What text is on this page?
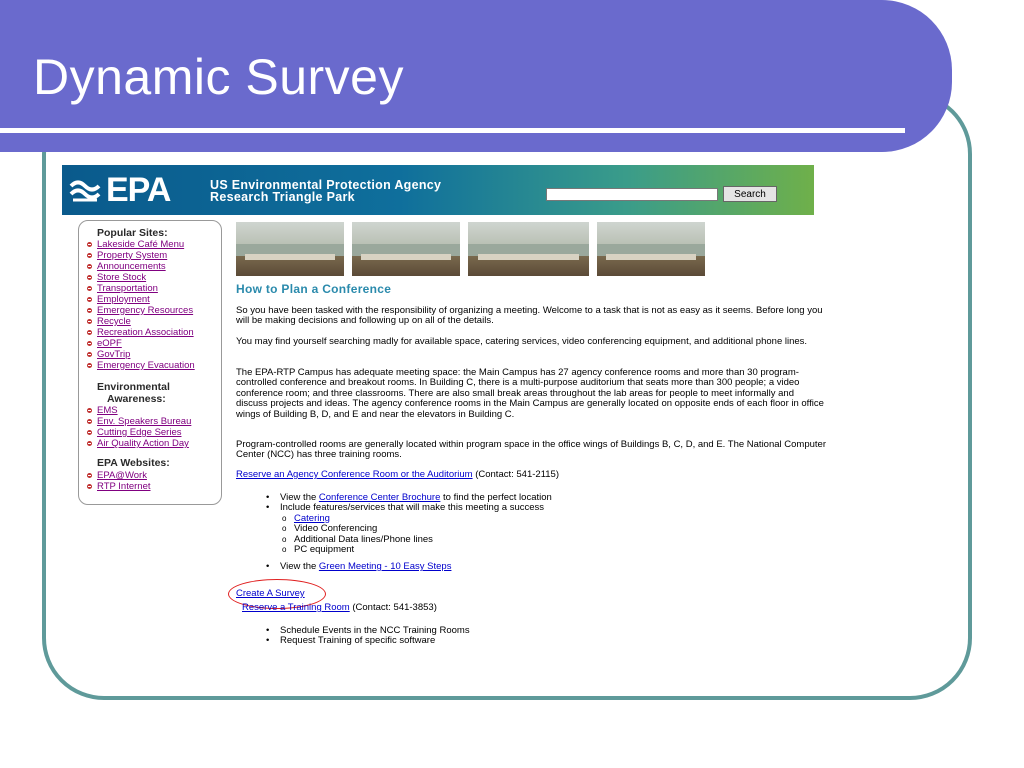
Dynamic Survey
EPA	US Environmental Protection Agency
Research Triangle Park	Search
Popular Sites:
Lakeside Café Menu
Property System
Announcements
Store Stock
Transportation
Employment
Emergency Resources
Recycle
Recreation Association
eOPF
GovTrip
Emergency Evacuation
Environmental
Awareness:
EMS
Env. Speakers Bureau
Cutting Edge Series
Air Quality Action Day
EPA Websites:
EPA@Work
RTP Internet
How to Plan a Conference
So you have been tasked with the responsibility of organizing a meeting. Welcome to a task that is not as easy as it seems. Before long you will be making decisions and following up on all of the details.
You may find yourself searching madly for available space, catering services, video conferencing equipment, and additional phone lines.
The EPA-RTP Campus has adequate meeting space: the Main Campus has 27 agency conference rooms and more than 30 program-controlled conference and breakout rooms. In Building C, there is a multi-purpose auditorium that seats more than 300 people; a video conference room; and three classrooms. There are also small break areas throughout the lab areas for people to meet informally and discuss projects and ideas. The agency conference rooms in the Main Campus are generally located on opposite ends of each floor in office wings of Building B, D, and E and near the elevators in Building C.
Program-controlled rooms are generally located within program space in the office wings of Buildings B, C, D, and E. The National Computer Center (NCC) has three training rooms.
Reserve an Agency Conference Room or the Auditorium (Contact: 541-2115)
• View the Conference Center Brochure to find the perfect location
• Include features/services that will make this meeting a success
o Catering
o Video Conferencing
o Additional Data lines/Phone lines
o PC equipment
• View the Green Meeting - 10 Easy Steps
Create A Survey
Reserve a Training Room (Contact: 541-3853)
• Schedule Events in the NCC Training Rooms
• Request Training of specific software
